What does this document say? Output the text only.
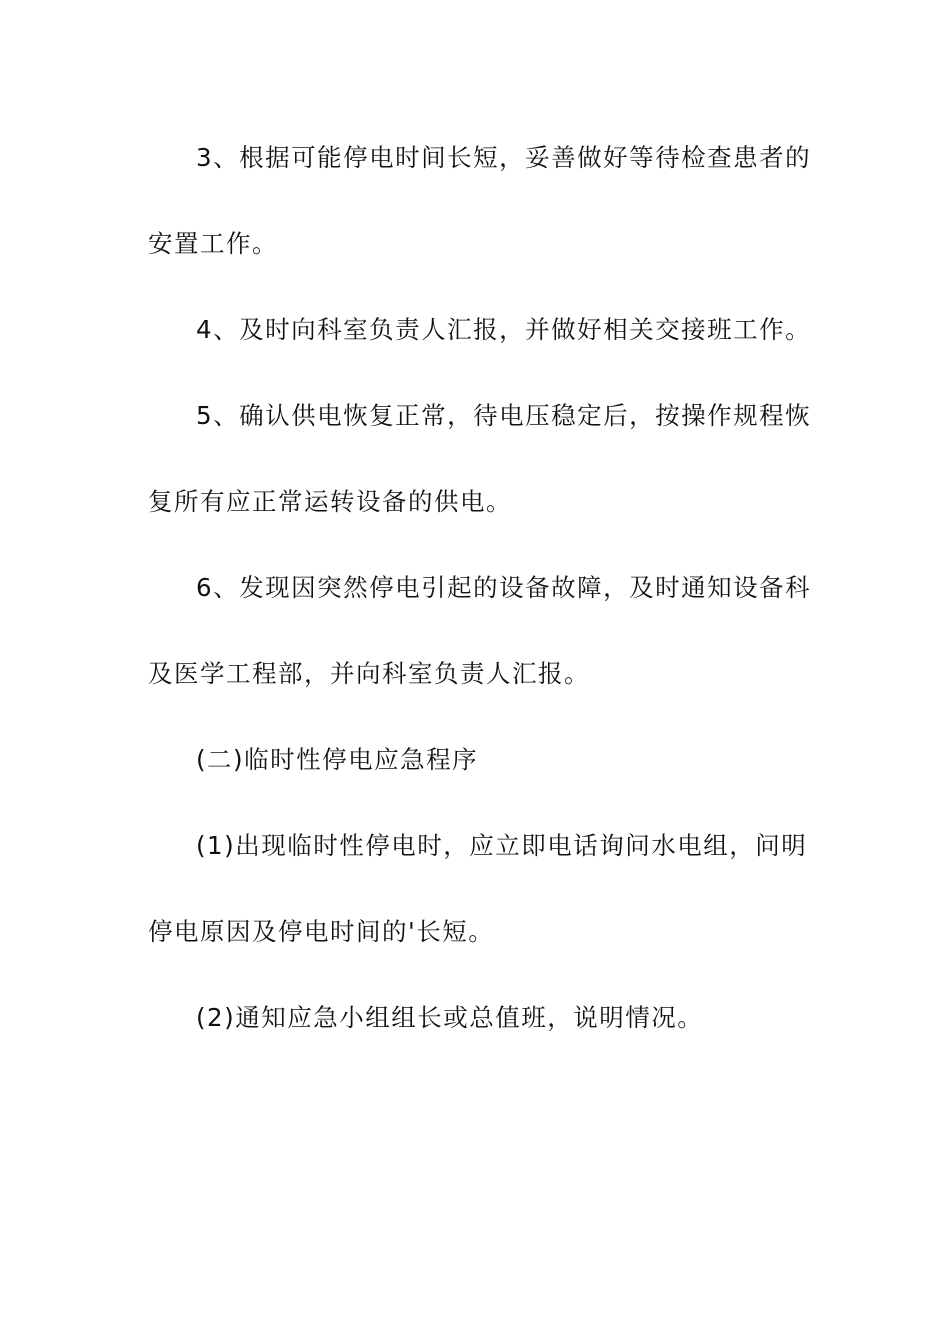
3、根据可能停电时间长短，妥善做好等待检查患者的
安置工作。
4、及时向科室负责人汇报，并做好相关交接班工作。
5、确认供电恢复正常，待电压稳定后，按操作规程恢
复所有应正常运转设备的供电。
6、发现因突然停电引起的设备故障，及时通知设备科
及医学工程部，并向科室负责人汇报。
(二)临时性停电应急程序
(1)出现临时性停电时，应立即电话询问水电组，问明
停电原因及停电时间的'长短。
(2)通知应急小组组长或总值班，说明情况。
